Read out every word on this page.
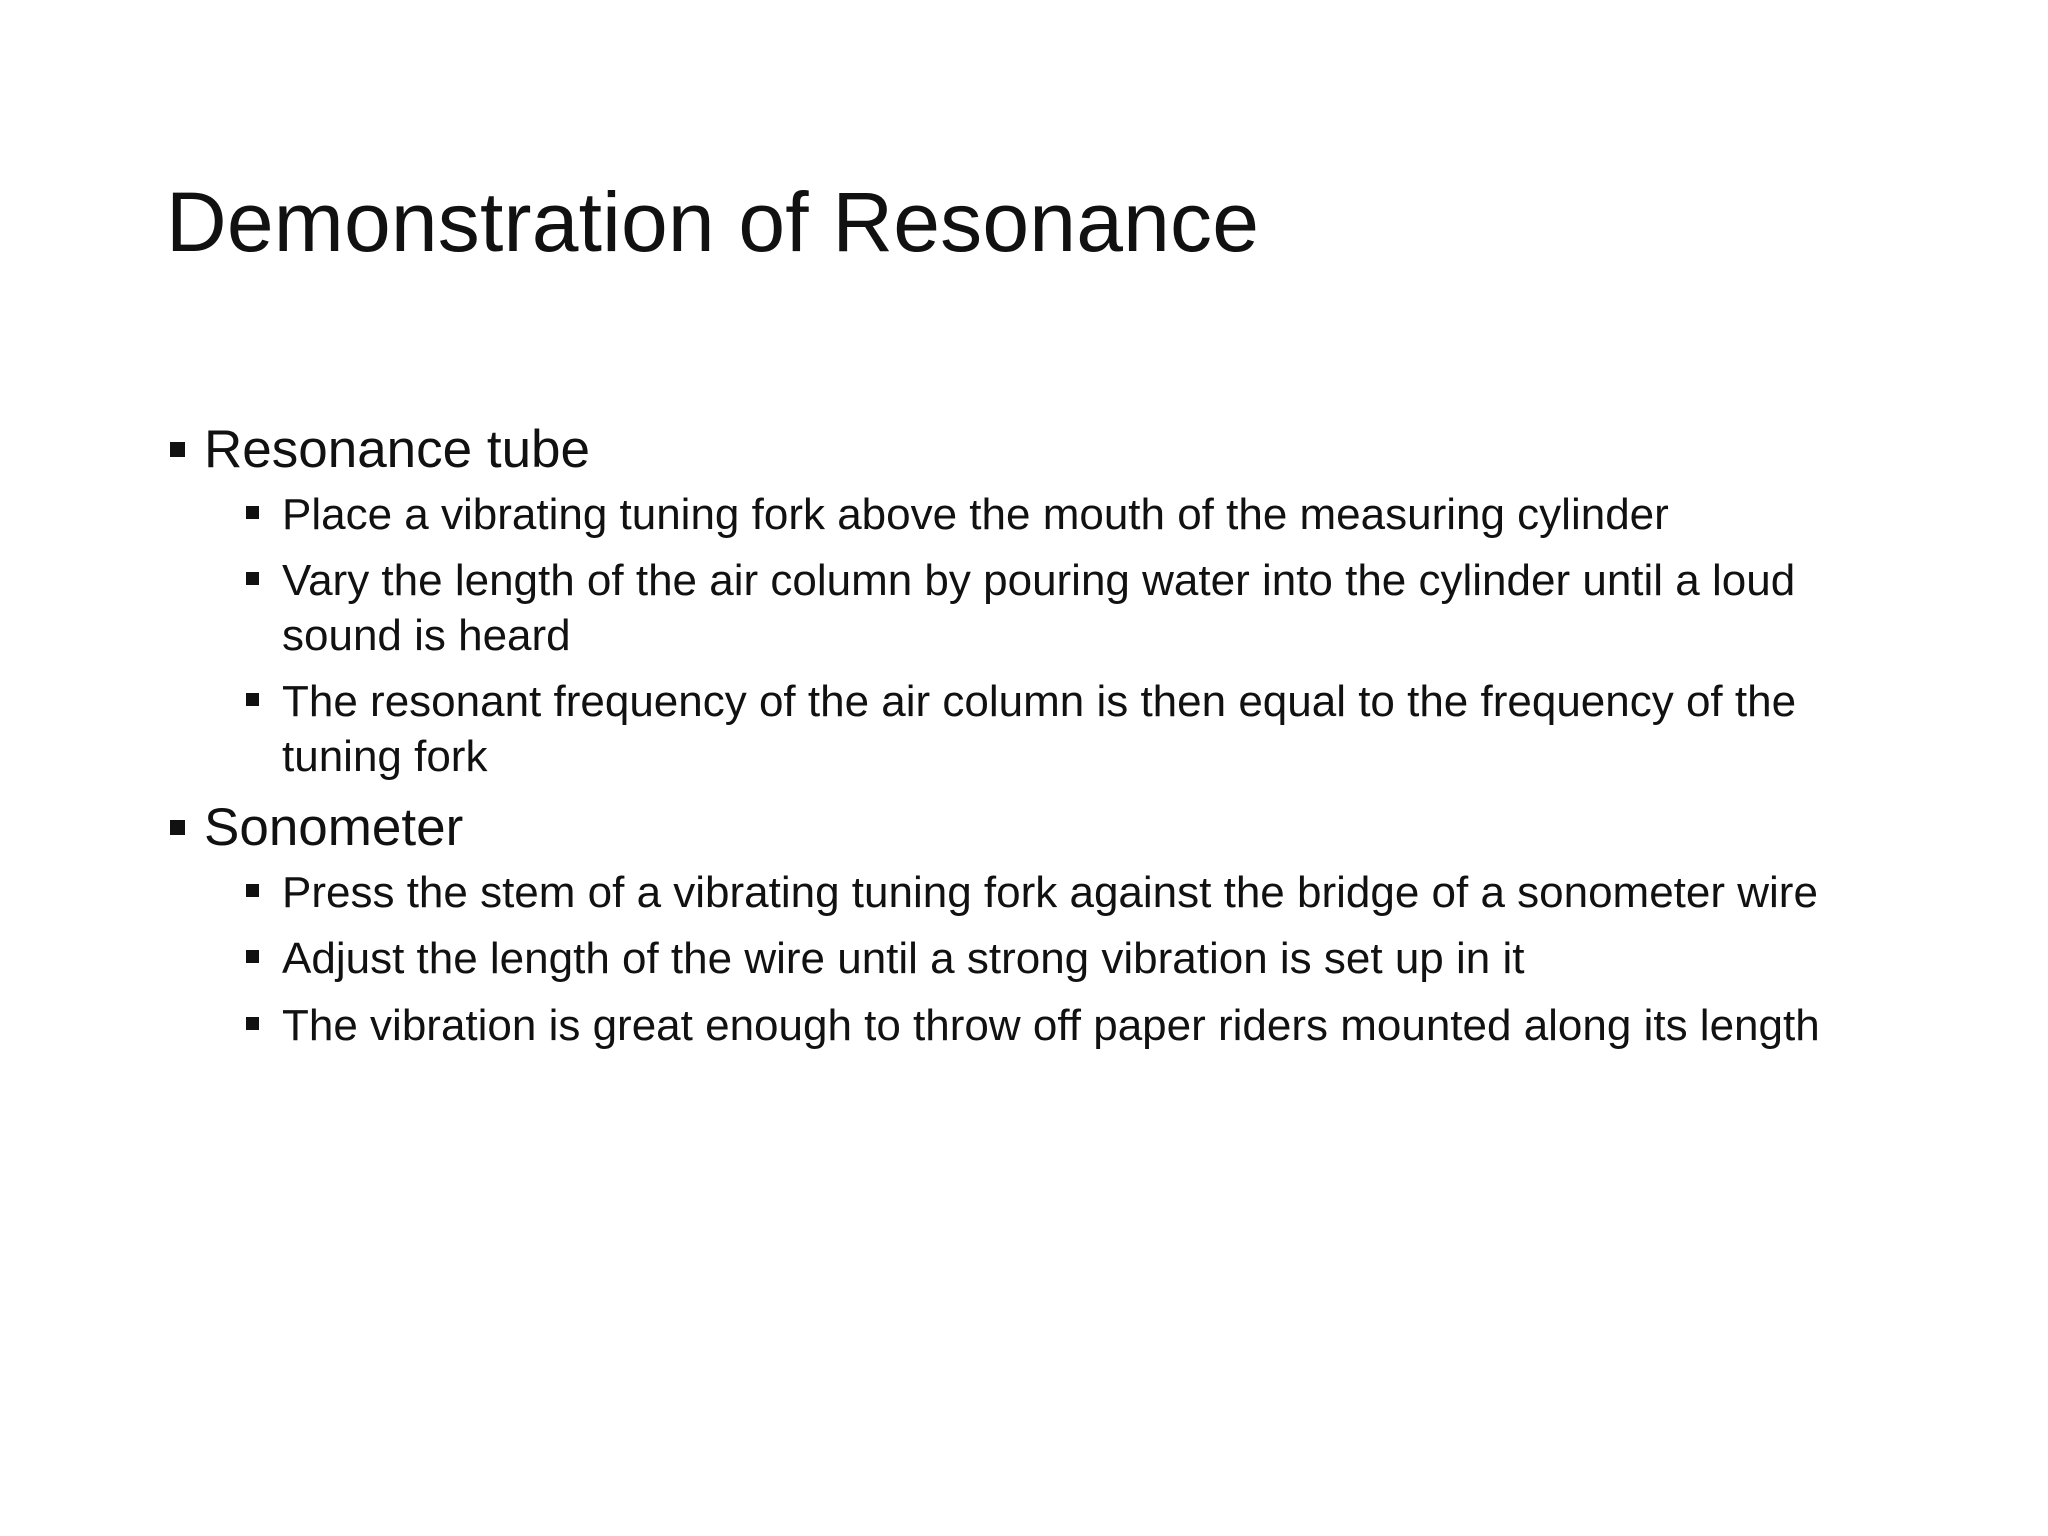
Demonstration of Resonance

Resonance tube

Place a vibrating tuning fork above the mouth of the measuring cylinder

Vary the length of the air column by pouring water into the cylinder until a loud sound is heard

The resonant frequency of the air column is then equal to the frequency of the tuning fork

Sonometer

Press the stem of a vibrating tuning fork against the bridge of a sonometer wire

Adjust the length of the wire until a strong vibration is set up in it

The vibration is great enough to throw off paper riders mounted along its length
